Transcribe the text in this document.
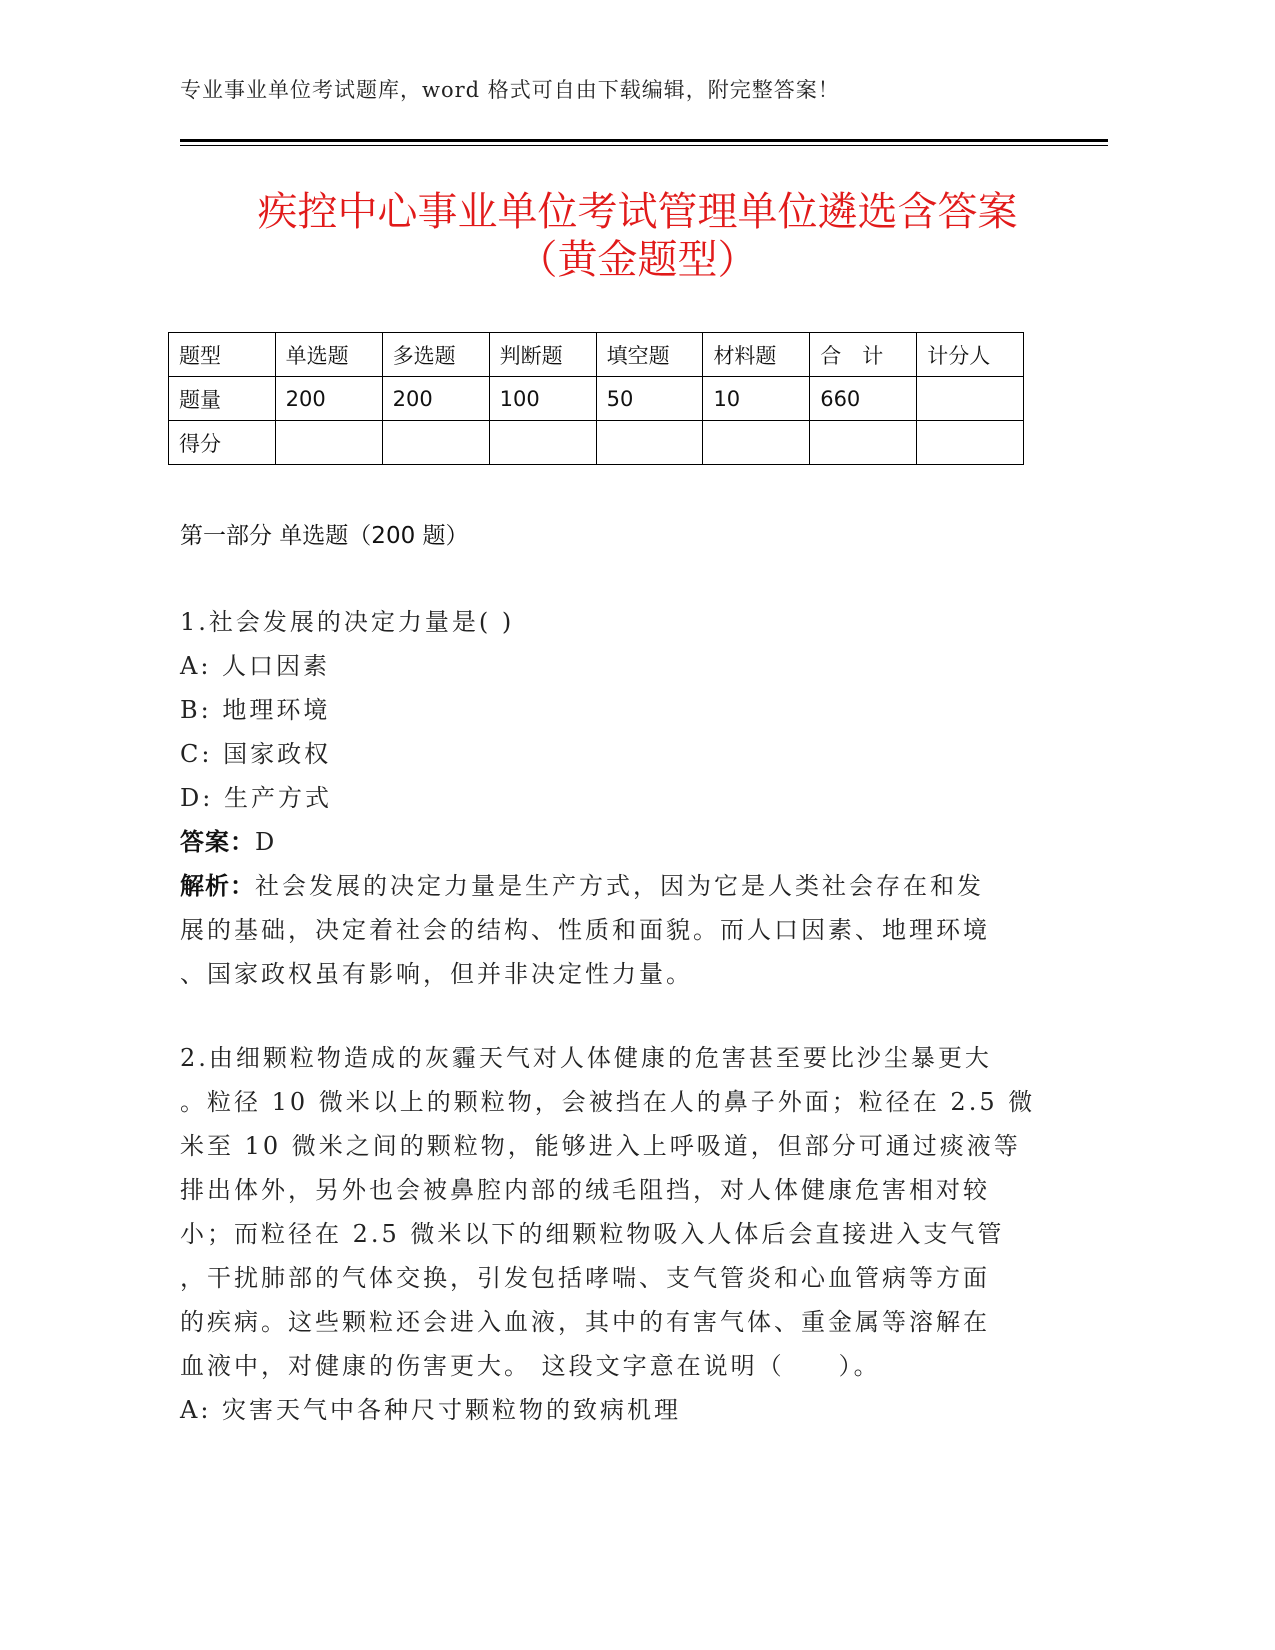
专业事业单位考试题库，word 格式可自由下载编辑，附完整答案！
疾控中心事业单位考试管理单位遴选含答案
（黄金题型）
题型	单选题	多选题	判断题	填空题	材料题	合　计	计分人
题量	200	200	100	50	10	660	
得分							
第一部分 单选题（200 题）
1.社会发展的决定力量是( )
A: 人口因素
B: 地理环境
C: 国家政权
D: 生产方式
答案：D
解析：社会发展的决定力量是生产方式，因为它是人类社会存在和发
展的基础，决定着社会的结构、性质和面貌。而人口因素、地理环境
、国家政权虽有影响，但并非决定性力量。
2.由细颗粒物造成的灰霾天气对人体健康的危害甚至要比沙尘暴更大
。粒径 10 微米以上的颗粒物，会被挡在人的鼻子外面；粒径在 2.5 微
米至 10 微米之间的颗粒物，能够进入上呼吸道，但部分可通过痰液等
排出体外，另外也会被鼻腔内部的绒毛阻挡，对人体健康危害相对较
小；而粒径在 2.5 微米以下的细颗粒物吸入人体后会直接进入支气管
，干扰肺部的气体交换，引发包括哮喘、支气管炎和心血管病等方面
的疾病。这些颗粒还会进入血液，其中的有害气体、重金属等溶解在
血液中，对健康的伤害更大。 这段文字意在说明（　　）。
A: 灾害天气中各种尺寸颗粒物的致病机理
